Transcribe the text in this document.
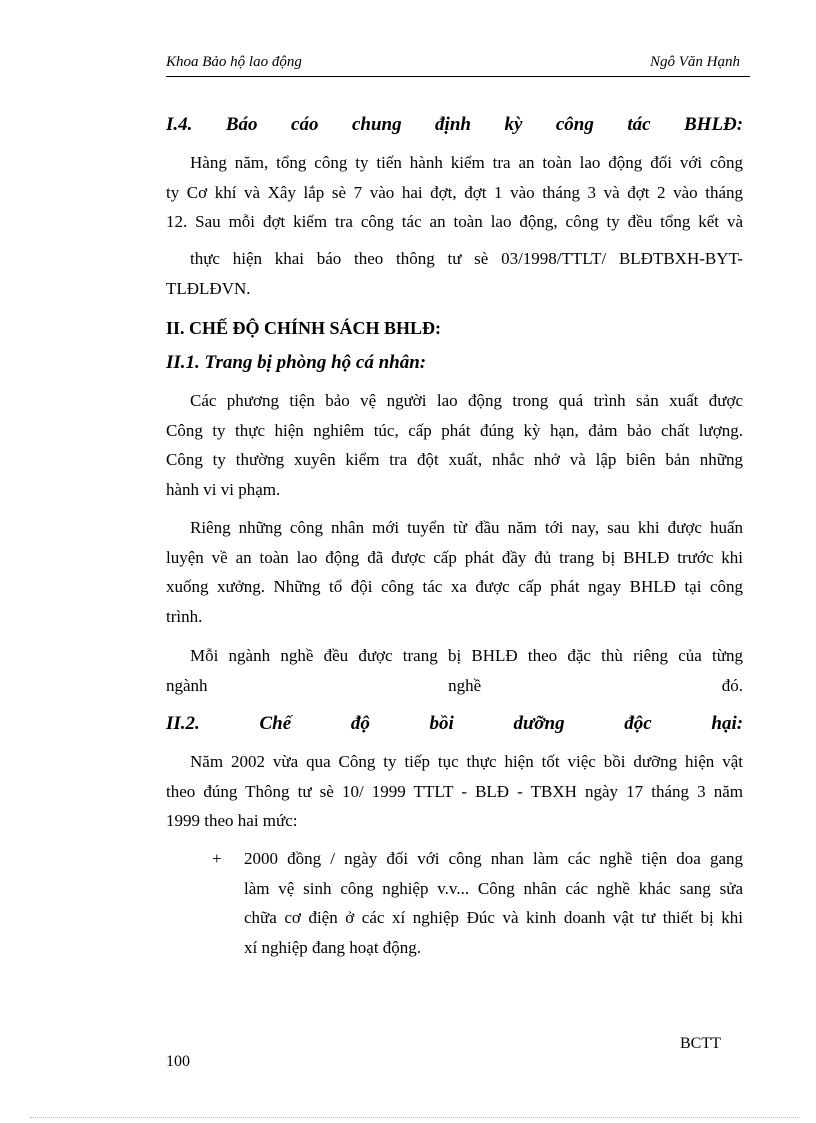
Khoa Bảo hộ lao động	Ngô Văn Hạnh
I.4. Báo cáo chung định kỳ công tác BHLĐ:
Hàng năm, tổng công ty tiến hành kiểm tra an toàn lao động đối với công
ty Cơ khí và Xây lắp sè 7 vào hai đợt, đợt 1 vào tháng 3 và đợt 2 vào tháng
12. Sau mỗi đợt kiểm tra công tác an toàn lao động, công ty đều tổng kết và
thực hiện khai báo theo thông tư sè 03/1998/TTLT/ BLĐTBXH-BYT-
TLĐLĐVN.
II. CHẾ ĐỘ CHÍNH SÁCH BHLĐ:
II.1. Trang bị phòng hộ cá nhân:
Các phương tiện bảo vệ người lao động trong quá trình sản xuất được
Công ty thực hiện nghiêm túc, cấp phát đúng kỳ hạn, đảm bảo chất lượng.
Công ty thường xuyên kiểm tra đột xuất, nhắc nhở và lập biên bản những
hành vi vi phạm.
Riêng những công nhân mới tuyển từ đầu năm tới nay, sau khi được huấn
luyện về an toàn lao động đã được cấp phát đầy đủ trang bị BHLĐ trước khi
xuống xưởng. Những tổ đội công tác xa được cấp phát ngay BHLĐ tại công
trình.
Mỗi ngành nghề đều được trang bị BHLĐ theo đặc thù riêng của từng
ngành nghề đó.
II.2.	Chế	độ	bồi	dưỡng	độc	hại:
Năm 2002 vừa qua Công ty tiếp tục thực hiện tốt việc bồi dưỡng hiện vật
theo đúng Thông tư sè 10/ 1999 TTLT - BLĐ - TBXH ngày 17 tháng 3 năm
1999 theo hai mức:
+ 2000 đồng / ngày đối với công nhan làm các nghề tiện doa gang
làm vệ sinh công nghiệp v.v... Công nhân các nghề khác sang sửa
chữa cơ điện ở các xí nghiệp Đúc và kinh doanh vật tư thiết bị khi
xí nghiệp đang hoạt động.
BCTT
100
